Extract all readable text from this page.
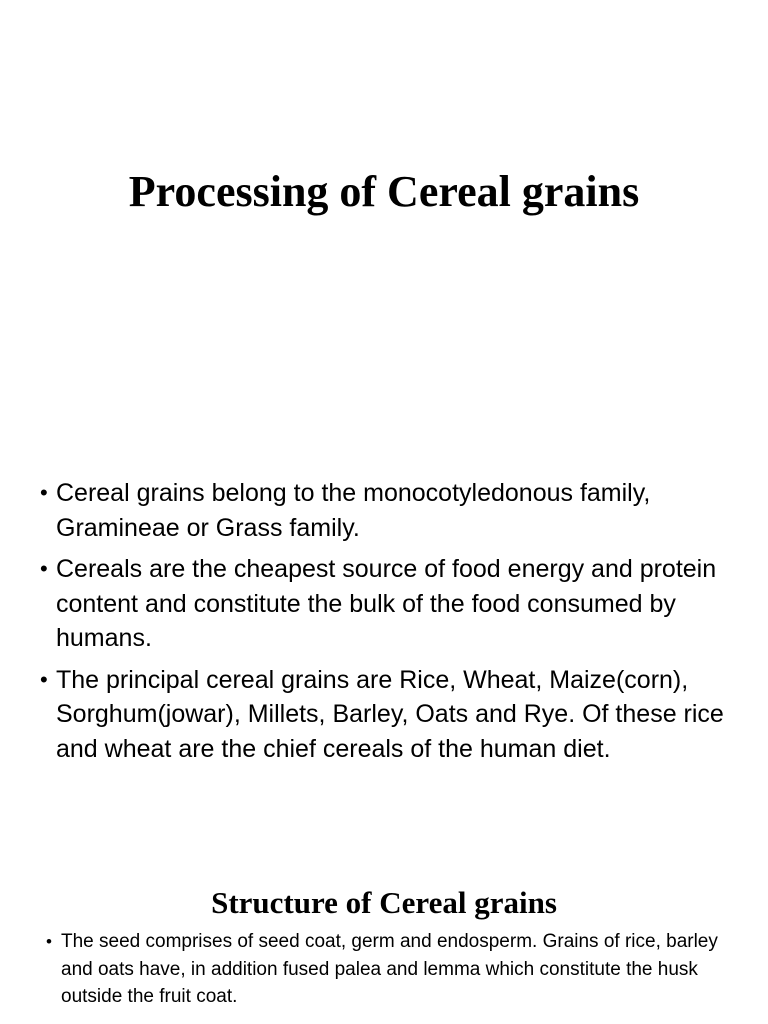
Processing of Cereal grains
• Cereal grains belong to the monocotyledonous family, Gramineae or Grass family.
• Cereals are the cheapest source of food energy and protein content and constitute the bulk of the food consumed by humans.
• The principal cereal grains are Rice, Wheat, Maize(corn), Sorghum(jowar), Millets, Barley, Oats and Rye. Of these rice and wheat are the chief cereals of the human diet.
Structure of Cereal grains
• The seed comprises of seed coat, germ and endosperm. Grains of rice, barley and oats have, in addition fused palea and lemma which constitute the husk outside the fruit coat.
